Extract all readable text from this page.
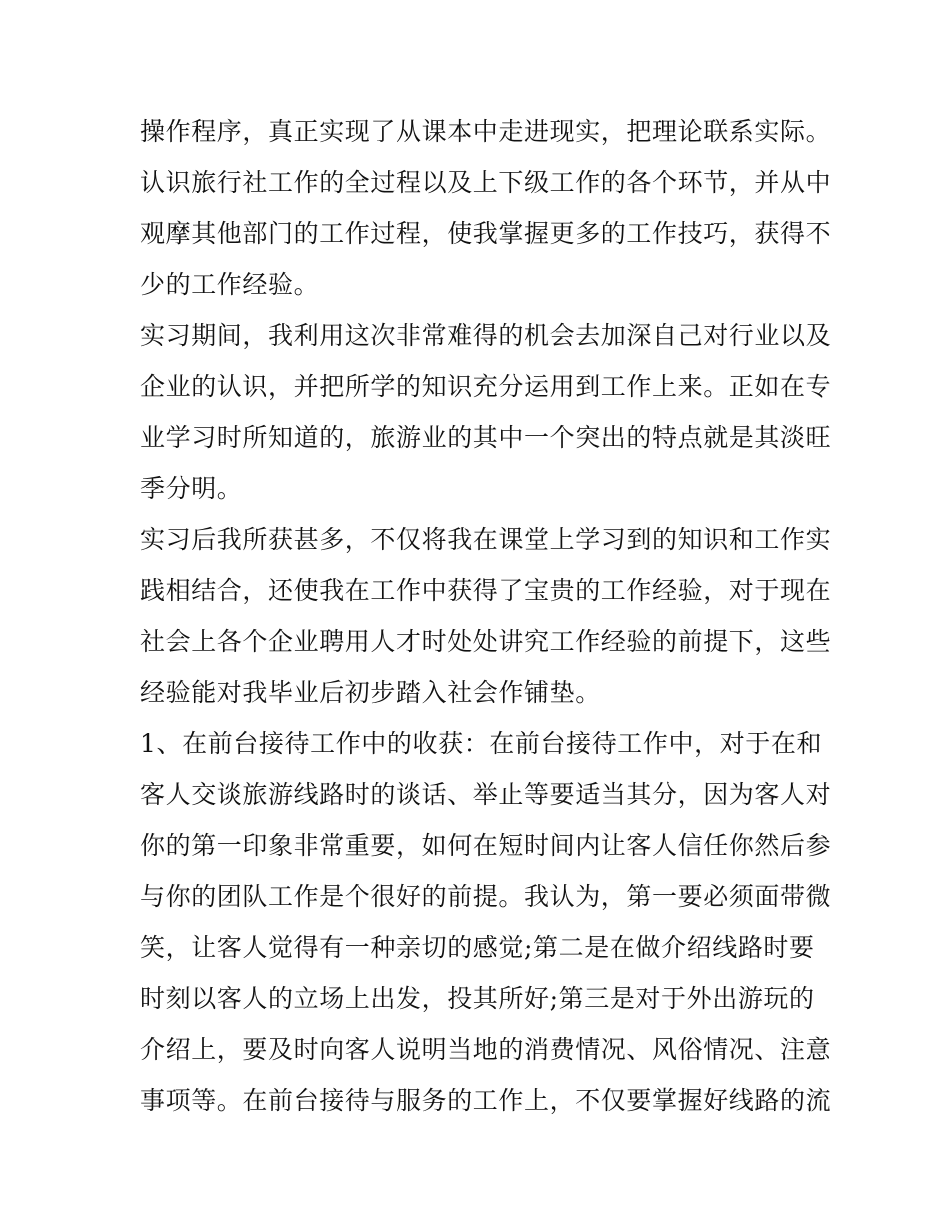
操作程序，真正实现了从课本中走进现实，把理论联系实际。
认识旅行社工作的全过程以及上下级工作的各个环节，并从中
观摩其他部门的工作过程，使我掌握更多的工作技巧，获得不
少的工作经验。
实习期间，我利用这次非常难得的机会去加深自己对行业以及
企业的认识，并把所学的知识充分运用到工作上来。正如在专
业学习时所知道的，旅游业的其中一个突出的特点就是其淡旺
季分明。
实习后我所获甚多，不仅将我在课堂上学习到的知识和工作实
践相结合，还使我在工作中获得了宝贵的工作经验，对于现在
社会上各个企业聘用人才时处处讲究工作经验的前提下，这些
经验能对我毕业后初步踏入社会作铺垫。
1、在前台接待工作中的收获：在前台接待工作中，对于在和
客人交谈旅游线路时的谈话、举止等要适当其分，因为客人对
你的第一印象非常重要，如何在短时间内让客人信任你然后参
与你的团队工作是个很好的前提。我认为，第一要必须面带微
笑，让客人觉得有一种亲切的感觉;第二是在做介绍线路时要
时刻以客人的立场上出发，投其所好;第三是对于外出游玩的
介绍上，要及时向客人说明当地的消费情况、风俗情况、注意
事项等。在前台接待与服务的工作上，不仅要掌握好线路的流
